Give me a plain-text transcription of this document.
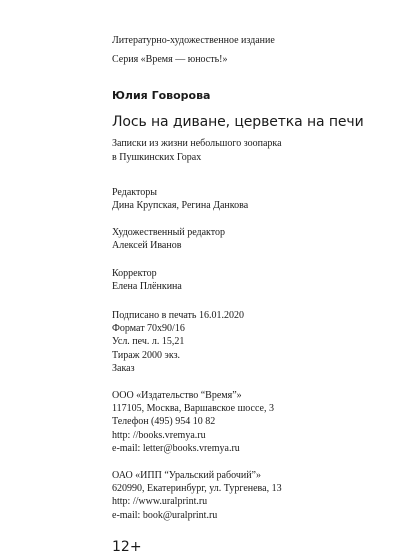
Литературно-художественное издание
Серия «Время — юность!»
Юлия Говорова
Лось на диване, церветка на печи
Записки из жизни небольшого зоопарка
в Пушкинских Горах
Редакторы
Дина Крупская, Регина Данкова
Художественный редактор
Алексей Иванов
Корректор
Елена Плёнкина
Подписано в печать 16.01.2020
Формат 70х90/16
Усл. печ. л. 15,21
Тираж 2000 экз.
Заказ
ООО «Издательство “Время”»
117105, Москва, Варшавское шоссе, 3
Телефон (495) 954 10 82
http: //books.vremya.ru
e-mail: letter@books.vremya.ru
ОАО «ИПП “Уральский рабочий”»
620990, Екатеринбург, ул. Тургенева, 13
http: //www.uralprint.ru
e-mail: book@uralprint.ru
12+
